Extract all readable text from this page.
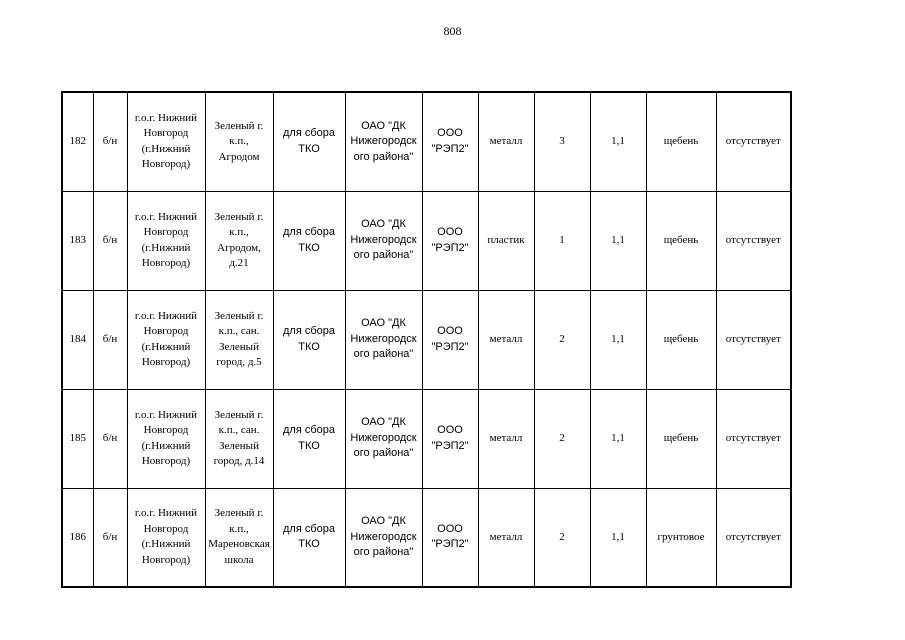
808
182	б/н	г.о.г. Нижний
Новгород
(г.Нижний
Новгород)	Зеленый г.
к.п.,
Агродом	для сбора
ТКО	ОАО "ДК
Нижегородск
ого района"	ООО
"РЭП2"	металл	3	1,1	щебень	отсутствует
183	б/н	г.о.г. Нижний
Новгород
(г.Нижний
Новгород)	Зеленый г.
к.п.,
Агродом,
д.21	для сбора
ТКО	ОАО "ДК
Нижегородск
ого района"	ООО
"РЭП2"	пластик	1	1,1	щебень	отсутствует
184	б/н	г.о.г. Нижний
Новгород
(г.Нижний
Новгород)	Зеленый г.
к.п., сан.
Зеленый
город, д.5	для сбора
ТКО	ОАО "ДК
Нижегородск
ого района"	ООО
"РЭП2"	металл	2	1,1	щебень	отсутствует
185	б/н	г.о.г. Нижний
Новгород
(г.Нижний
Новгород)	Зеленый г.
к.п., сан.
Зеленый
город, д.14	для сбора
ТКО	ОАО "ДК
Нижегородск
ого района"	ООО
"РЭП2"	металл	2	1,1	щебень	отсутствует
186	б/н	г.о.г. Нижний
Новгород
(г.Нижний
Новгород)	Зеленый г.
к.п.,
Мареновская
школа	для сбора
ТКО	ОАО "ДК
Нижегородск
ого района"	ООО
"РЭП2"	металл	2	1,1	грунтовое	отсутствует
